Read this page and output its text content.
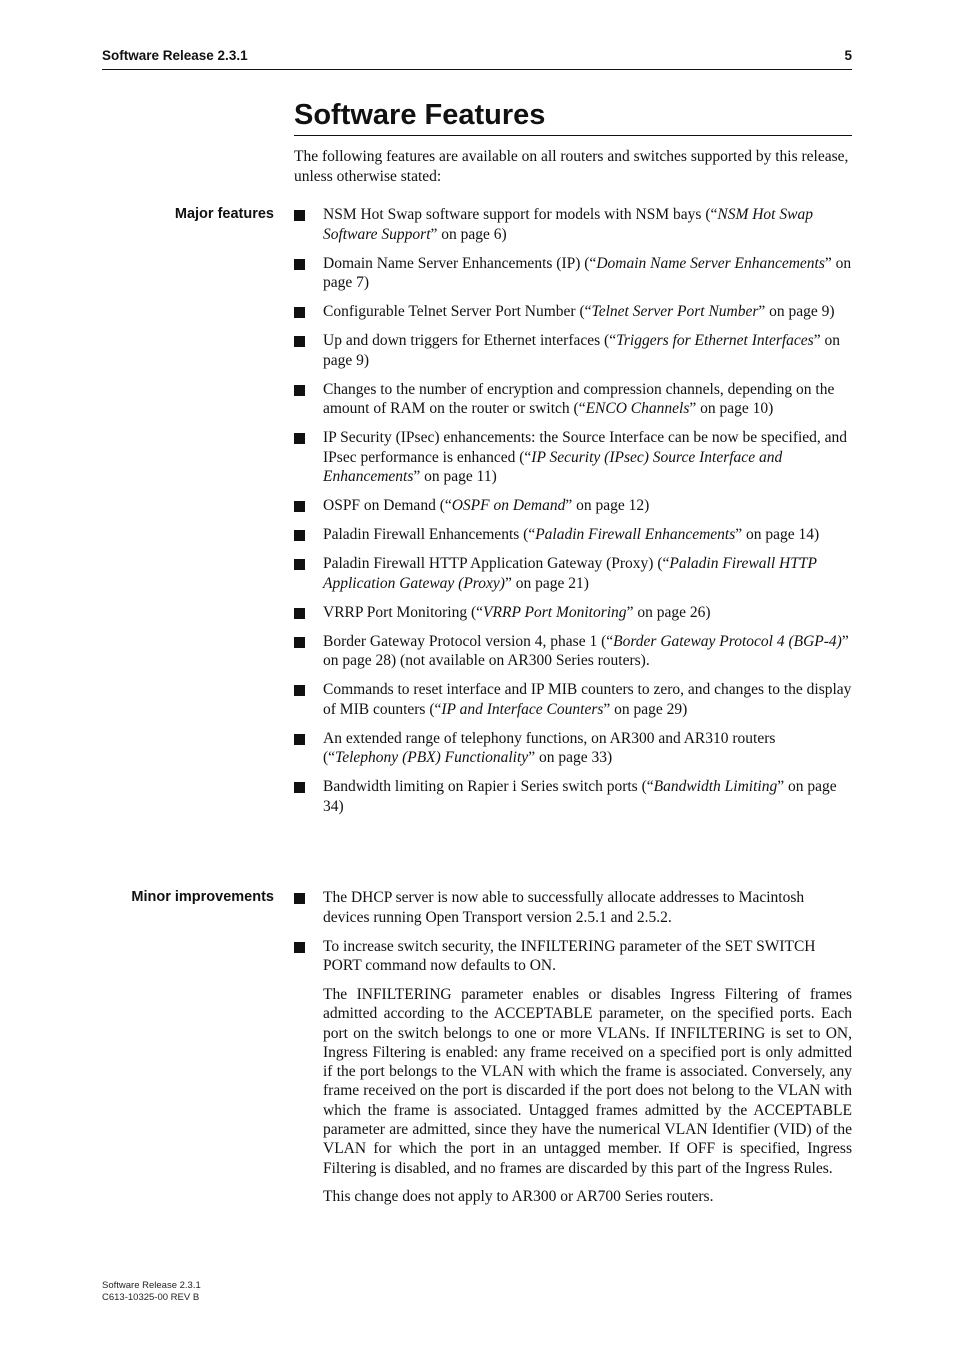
Software Release 2.3.1	5
Software Features

The following features are available on all routers and switches supported by this release, unless otherwise stated:

Major features	NSM Hot Swap software support for models with NSM bays (“NSM Hot Swap Software Support” on page 6)
Domain Name Server Enhancements (IP) (“Domain Name Server Enhancements” on page 7)
Configurable Telnet Server Port Number (“Telnet Server Port Number” on page 9)
Up and down triggers for Ethernet interfaces (“Triggers for Ethernet Interfaces” on page 9)
Changes to the number of encryption and compression channels, depending on the amount of RAM on the router or switch (“ENCO Channels” on page 10)
IP Security (IPsec) enhancements: the Source Interface can be now be specified, and IPsec performance is enhanced (“IP Security (IPsec) Source Interface and Enhancements” on page 11)
OSPF on Demand (“OSPF on Demand” on page 12)
Paladin Firewall Enhancements (“Paladin Firewall Enhancements” on page 14)
Paladin Firewall HTTP Application Gateway (Proxy) (“Paladin Firewall HTTP Application Gateway (Proxy)” on page 21)
VRRP Port Monitoring (“VRRP Port Monitoring” on page 26)
Border Gateway Protocol version 4, phase 1 (“Border Gateway Protocol 4 (BGP-4)” on page 28) (not available on AR300 Series routers).
Commands to reset interface and IP MIB counters to zero, and changes to the display of MIB counters (“IP and Interface Counters” on page 29)
An extended range of telephony functions, on AR300 and AR310 routers (“Telephony (PBX) Functionality” on page 33)
Bandwidth limiting on Rapier i Series switch ports (“Bandwidth Limiting” on page 34)
Minor improvements	The DHCP server is now able to successfully allocate addresses to Macintosh devices running Open Transport version 2.5.1 and 2.5.2.
To increase switch security, the INFILTERING parameter of the SET SWITCH PORT command now defaults to ON.

The INFILTERING parameter enables or disables Ingress Filtering of frames admitted according to the ACCEPTABLE parameter, on the specified ports. Each port on the switch belongs to one or more VLANs. If INFILTERING is set to ON, Ingress Filtering is enabled: any frame received on a specified port is only admitted if the port belongs to the VLAN with which the frame is associated. Conversely, any frame received on the port is discarded if the port does not belong to the VLAN with which the frame is associated. Untagged frames admitted by the ACCEPTABLE parameter are admitted, since they have the numerical VLAN Identifier (VID) of the VLAN for which the port in an untagged member. If OFF is specified, Ingress Filtering is disabled, and no frames are discarded by this part of the Ingress Rules.

This change does not apply to AR300 or AR700 Series routers.

Software Release 2.3.1
C613-10325-00 REV B
